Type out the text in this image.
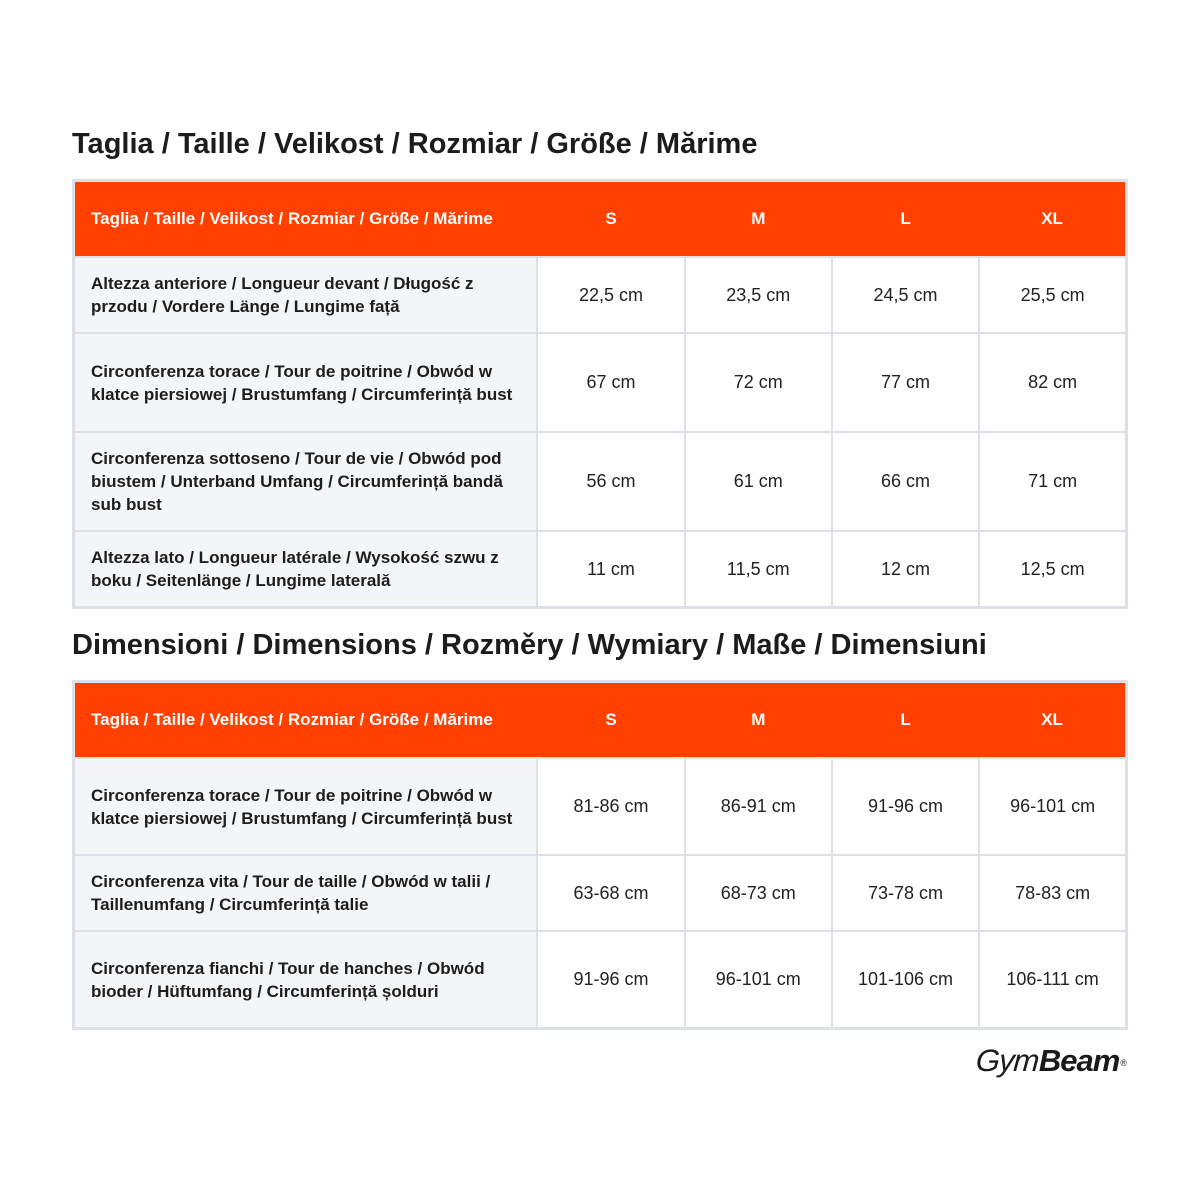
Taglia / Taille / Velikost / Rozmiar / Größe / Mărime
Taglia / Taille / Velikost / Rozmiar / Größe / Mărime	S	M	L	XL
Altezza anteriore / Longueur devant / Długość z przodu / Vordere Länge / Lungime față	22,5 cm	23,5 cm	24,5 cm	25,5 cm
Circonferenza torace / Tour de poitrine / Obwód w klatce piersiowej / Brustumfang / Circumferință bust	67 cm	72 cm	77 cm	82 cm
Circonferenza sottoseno / Tour de vie / Obwód pod biustem / Unterband Umfang / Circumferință bandă sub bust	56 cm	61 cm	66 cm	71 cm
Altezza lato / Longueur latérale / Wysokość szwu z boku / Seitenlänge / Lungime laterală	11 cm	11,5 cm	12 cm	12,5 cm
Dimensioni / Dimensions / Rozměry / Wymiary / Maße / Dimensiuni
Taglia / Taille / Velikost / Rozmiar / Größe / Mărime	S	M	L	XL
Circonferenza torace / Tour de poitrine / Obwód w klatce piersiowej / Brustumfang / Circumferință bust	81-86 cm	86-91 cm	91-96 cm	96-101 cm
Circonferenza vita / Tour de taille / Obwód w talii / Taillenumfang / Circumferință talie	63-68 cm	68-73 cm	73-78 cm	78-83 cm
Circonferenza fianchi / Tour de hanches / Obwód bioder / Hüftumfang / Circumferință șolduri	91-96 cm	96-101 cm	101-106 cm	106-111 cm
GymBeam®
